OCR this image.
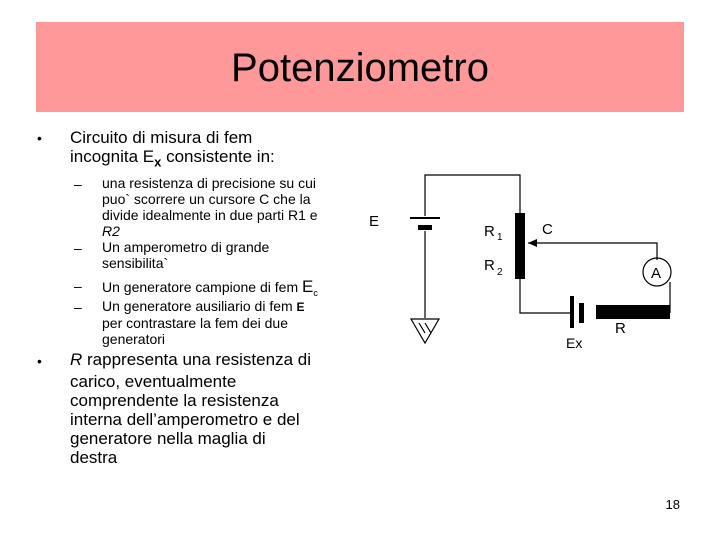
Potenziometro
• Circuito di misura di fem
incognita $E_x$ consistente in:
– una resistenza di precisione su cui
puo` scorrere un cursore C che la
divide idealmente in due parti R1 e
R2
– Un amperometro di grande
sensibilita`
– Un generatore campione di fem $E_c$
– Un generatore ausiliario di fem E
per contrastare la fem dei due
generatori
• R rappresenta una resistenza di
carico, eventualmente
comprendente la resistenza
interna dell’amperometro e del
generatore nella maglia di
destra
E
R 1	C
R 2	A
Ex
R
18
